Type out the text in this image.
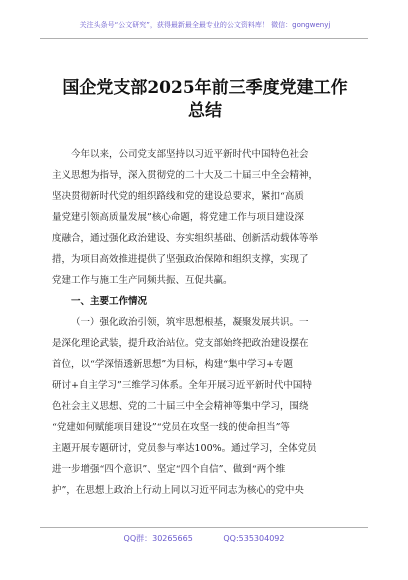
关注头条号“公文研究”，获得最新最全最专业的公文资料库！ 微信：gongwenyj
国企党支部2025年前三季度党建工作
总结
今年以来，公司党支部坚持以习近平新时代中国特色社会
主义思想为指导，深入贯彻党的二十大及二十届三中全会精神，
坚决贯彻新时代党的组织路线和党的建设总要求，紧扣“高质
量党建引领高质量发展”核心命题，将党建工作与项目建设深
度融合，通过强化政治建设、夯实组织基础、创新活动载体等举
措，为项目高效推进提供了坚强政治保障和组织支撑，实现了
党建工作与施工生产同频共振、互促共赢。
一、主要工作情况
（一）强化政治引领，筑牢思想根基，凝聚发展共识。一
是深化理论武装，提升政治站位。党支部始终把政治建设摆在
首位，以“学深悟透新思想”为目标，构建“集中学习+专题
研讨+自主学习”三维学习体系。全年开展习近平新时代中国特
色社会主义思想、党的二十届三中全会精神等集中学习，围绕
“党建如何赋能项目建设”“党员在攻坚一线的使命担当”等
主题开展专题研讨，党员参与率达100%。通过学习，全体党员
进一步增强“四个意识”、坚定“四个自信”、做到“两个维
护”，在思想上政治上行动上同以习近平同志为核心的党中央
QQ群：30265665	QQ:535304092
